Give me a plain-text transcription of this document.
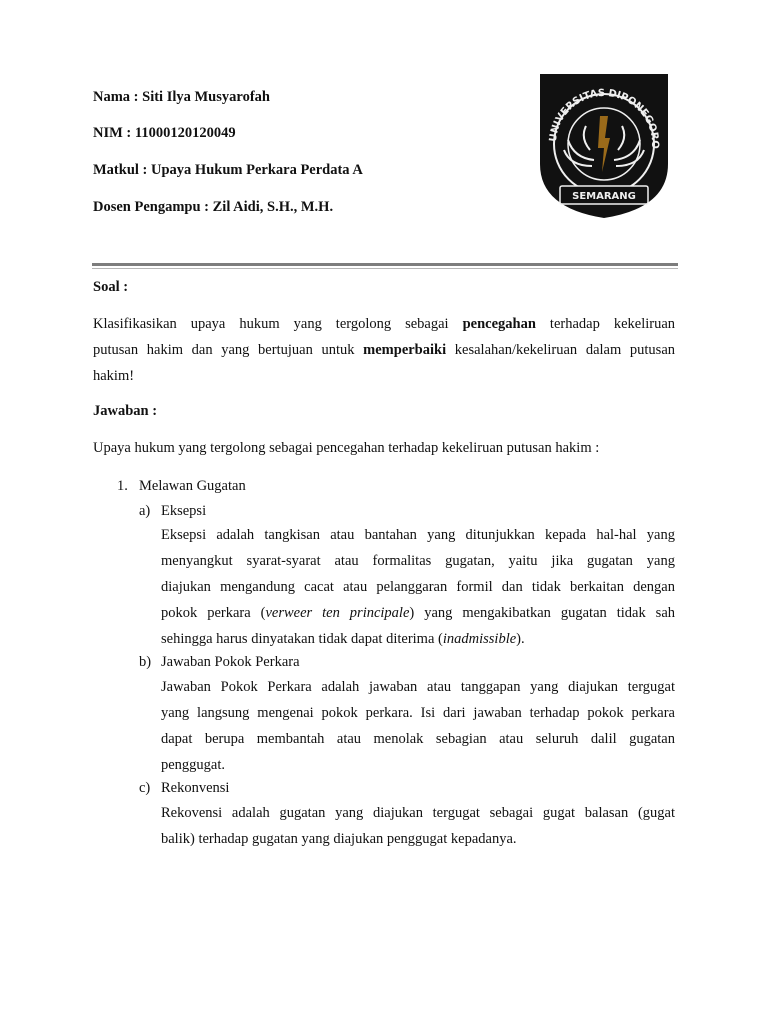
Nama : Siti Ilya Musyarofah
NIM : 11000120120049
Matkul : Upaya Hukum Perkara Perdata A
Dosen Pengampu : Zil Aidi, S.H., M.H.
UNIVERSITAS DIPONEGORO
SEMARANG
Soal :
Klasifikasikan upaya hukum yang tergolong sebagai pencegahan terhadap kekeliruan
putusan hakim dan yang bertujuan untuk memperbaiki kesalahan/kekeliruan dalam putusan
hakim!
Jawaban :
Upaya hukum yang tergolong sebagai pencegahan terhadap kekeliruan putusan hakim :
1. Melawan Gugatan
a) Eksepsi
Eksepsi adalah tangkisan atau bantahan yang ditunjukkan kepada hal-hal yang
menyangkut syarat-syarat atau formalitas gugatan, yaitu jika gugatan yang
diajukan mengandung cacat atau pelanggaran formil dan tidak berkaitan dengan
pokok perkara (verweer ten principale) yang mengakibatkan gugatan tidak sah
sehingga harus dinyatakan tidak dapat diterima (inadmissible).
b) Jawaban Pokok Perkara
Jawaban Pokok Perkara adalah jawaban atau tanggapan yang diajukan tergugat
yang langsung mengenai pokok perkara. Isi dari jawaban terhadap pokok perkara
dapat berupa membantah atau menolak sebagian atau seluruh dalil gugatan
penggugat.
c) Rekonvensi
Rekovensi adalah gugatan yang diajukan tergugat sebagai gugat balasan (gugat
balik) terhadap gugatan yang diajukan penggugat kepadanya.
